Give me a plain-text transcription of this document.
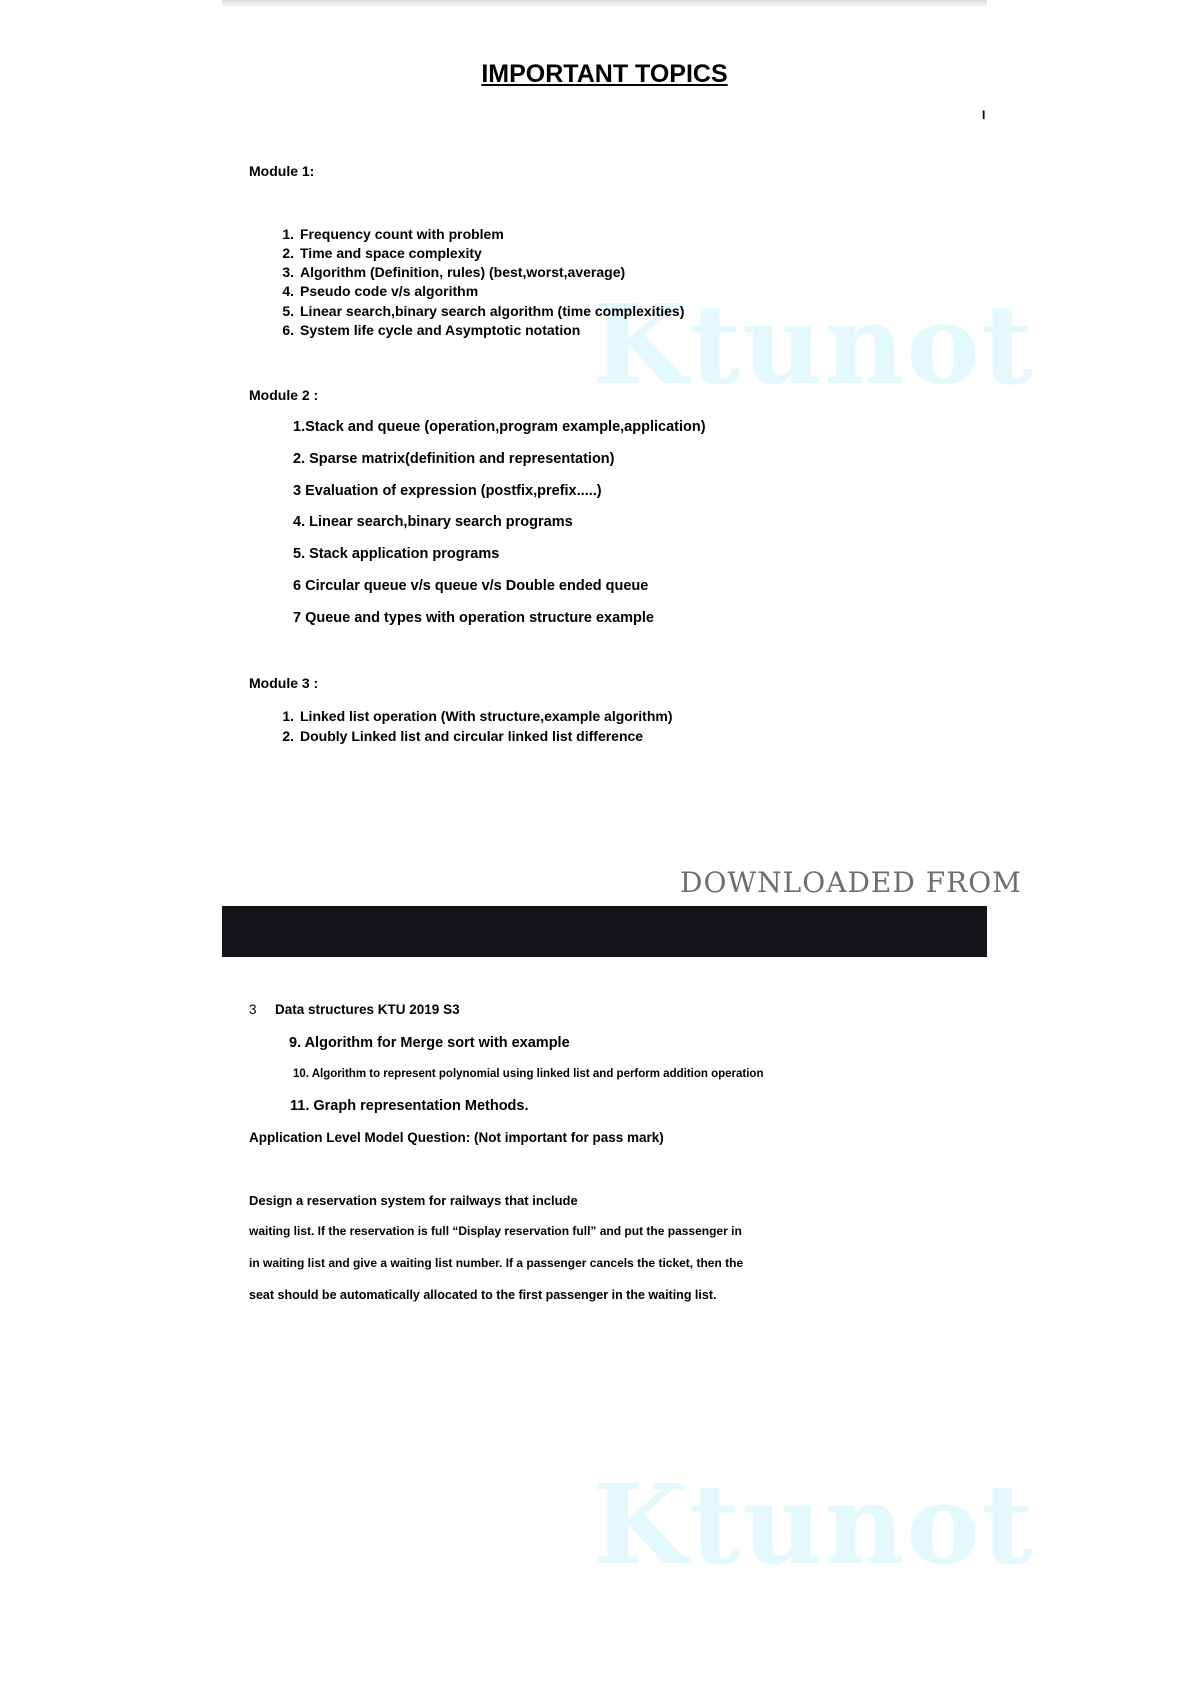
IMPORTANT TOPICS
I
Ktunot
Ktunot
Module 1:
1. Frequency count with problem
2. Time and space complexity
3. Algorithm (Definition, rules) (best,worst,average)
4. Pseudo code v/s algorithm
5. Linear search,binary search algorithm (time complexities)
6. System life cycle and Asymptotic notation
Module 2 :
1.Stack and queue (operation,program example,application)
2. Sparse matrix(definition and representation)
3 Evaluation of expression (postfix,prefix.....)
4. Linear search,binary search programs
5. Stack application programs
6 Circular queue v/s queue v/s Double ended queue
7 Queue and types with operation structure example
Module 3 :
1. Linked list operation (With structure,example algorithm)
2. Doubly Linked list and circular linked list difference
DOWNLOADED FROM
3 Data structures KTU 2019 S3
9. Algorithm for Merge sort with example
10. Algorithm to represent polynomial using linked list and perform addition operation
11. Graph representation Methods.
Application Level Model Question: (Not important for pass mark)
Design a reservation system for railways that include
waiting list. If the reservation is full “Display reservation full” and put the passenger in
in waiting list and give a waiting list number. If a passenger cancels the ticket, then the
seat should be automatically allocated to the first passenger in the waiting list.
